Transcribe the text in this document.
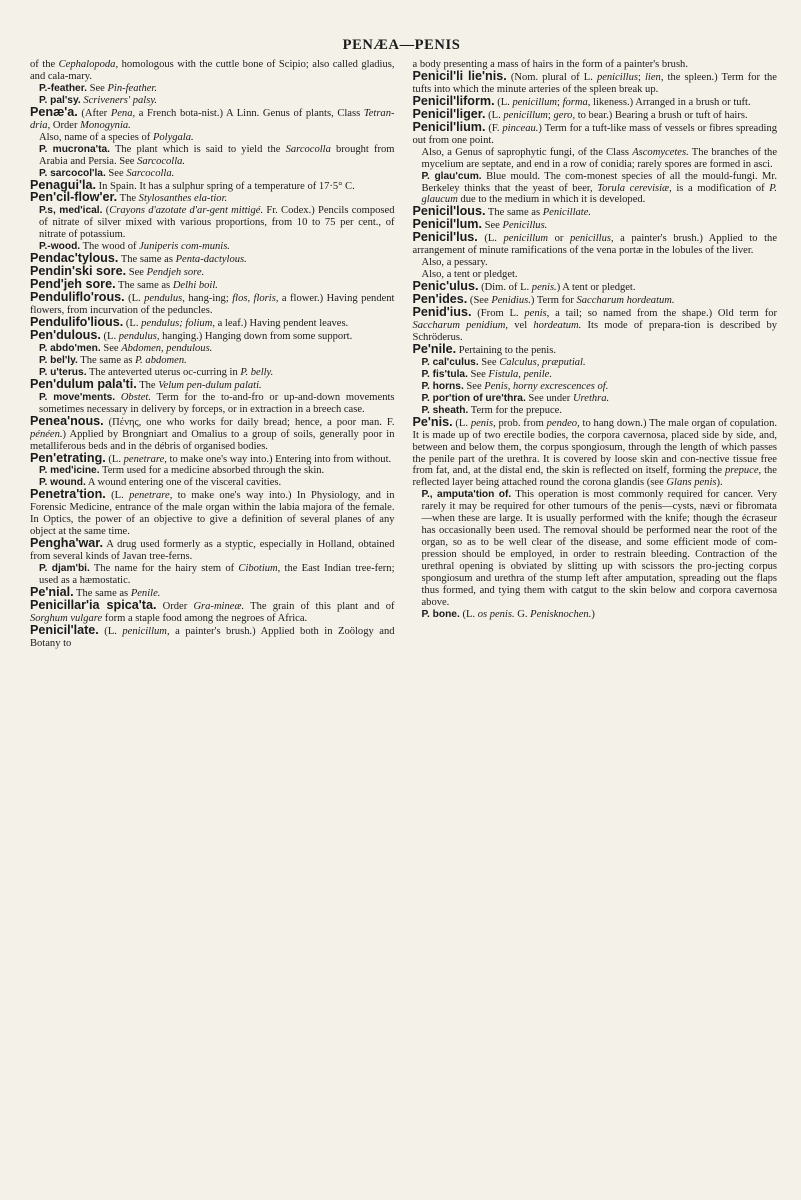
PENÆA—PENIS

of the Cephalopoda, homologous with the cuttle bone of Scipio; also called gladius, and cala-mary.

P.-feather. See Pin-feather.

P. pal'sy. Scriveners' palsy.

Penæ'a. (After Pena, a French bota-nist.) A Linn. Genus of plants, Class Tetran-dria, Order Monogynia.

Also, name of a species of Polygala.

P. mucrona'ta. The plant which is said to yield the Sarcocolla brought from Arabia and Persia. See Sarcocolla.

P. sarcocol'la. See Sarcocolla.

Penagui'la. In Spain. It has a sulphur spring of a temperature of 17·5° C.

Pen'cil-flow'er. The Stylosanthes ela-tior.

P.s, med'ical. (Crayons d'azotate d'ar-gent mittigé. Fr. Codex.) Pencils composed of nitrate of silver mixed with various proportions, from 10 to 75 per cent., of nitrate of potassium.

P.-wood. The wood of Juniperis com-munis.

Pendac'tylous. The same as Penta-dactylous.

Pendin'ski sore. See Pendjeh sore.

Pend'jeh sore. The same as Delhi boil.

Penduliflo'rous. (L. pendulus, hang-ing; flos, floris, a flower.) Having pendent flowers, from incurvation of the peduncles.

Pendulifo'lious. (L. pendulus; folium, a leaf.) Having pendent leaves.

Pen'dulous. (L. pendulus, hanging.) Hanging down from some support.

P. abdo'men. See Abdomen, pendulous.

P. bel'ly. The same as P. abdomen.

P. u'terus. The anteverted uterus oc-curring in P. belly.

Pen'dulum pala'ti. The Velum pen-dulum palati.

P. move'ments. Obstet. Term for the to-and-fro or up-and-down movements sometimes necessary in delivery by forceps, or in extraction in a breech case.

Penea'nous. (Πένης, one who works for daily bread; hence, a poor man. F. pénéen.) Applied by Brongniart and Omalius to a group of soils, generally poor in metalliferous beds and in the débris of organised bodies.

Pen'etrating. (L. penetrare, to make one's way into.) Entering into from without.

P. med'icine. Term used for a medicine absorbed through the skin.

P. wound. A wound entering one of the visceral cavities.

Penetra'tion. (L. penetrare, to make one's way into.) In Physiology, and in Forensic Medicine, entrance of the male organ within the labia majora of the female. In Optics, the power of an objective to give a definition of several planes of any object at the same time.

Pengha'war. A drug used formerly as a styptic, especially in Holland, obtained from several kinds of Javan tree-ferns.

P. djam'bi. The name for the hairy stem of Cibotium, the East Indian tree-fern; used as a hæmostatic.

Pe'nial. The same as Penile.

Penicillar'ia spica'ta. Order Gra-mineæ. The grain of this plant and of Sorghum vulgare form a staple food among the negroes of Africa.

Penicil'late. (L. penicillum, a painter's brush.) Applied both in Zoölogy and Botany to

a body presenting a mass of hairs in the form of a painter's brush.

Penicil'li lie'nis. (Nom. plural of L. penicillus; lien, the spleen.) Term for the tufts into which the minute arteries of the spleen break up.

Penicil'liform. (L. penicillum; forma, likeness.) Arranged in a brush or tuft.

Penicil'liger. (L. penicillum; gero, to bear.) Bearing a brush or tuft of hairs.

Penicil'lium. (F. pinceau.) Term for a tuft-like mass of vessels or fibres spreading out from one point.

Also, a Genus of saprophytic fungi, of the Class Ascomycetes. The branches of the mycelium are septate, and end in a row of conidia; rarely spores are formed in asci.

P. glau'cum. Blue mould. The com-monest species of all the mould-fungi. Mr. Berkeley thinks that the yeast of beer, Torula cerevisiæ, is a modification of P. glaucum due to the medium in which it is developed.

Penicil'lous. The same as Penicillate.

Penicil'lum. See Penicillus.

Penicil'lus. (L. penicillum or penicillus, a painter's brush.) Applied to the arrangement of minute ramifications of the vena portæ in the lobules of the liver.

Also, a pessary.

Also, a tent or pledget.

Penic'ulus. (Dim. of L. penis.) A tent or pledget.

Pen'ides. (See Penidius.) Term for Saccharum hordeatum.

Penid'ius. (From L. penis, a tail; so named from the shape.) Old term for Saccharum penidium, vel hordeatum. Its mode of prepara-tion is described by Schröderus.

Pe'nile. Pertaining to the penis.

P. cal'culus. See Calculus, præputial.

P. fis'tula. See Fistula, penile.

P. horns. See Penis, horny excrescences of.

P. por'tion of ure'thra. See under Urethra.

P. sheath. Term for the prepuce.

Pe'nis. (L. penis, prob. from pendeo, to hang down.) The male organ of copulation. It is made up of two erectile bodies, the corpora cavernosa, placed side by side, and, between and below them, the corpus spongiosum, through the length of which passes the penile part of the urethra. It is covered by loose skin and con-nective tissue free from fat, and, at the distal end, the skin is reflected on itself, forming the prepuce, the reflected layer being attached round the corona glandis (see Glans penis).

P., amputa'tion of. This operation is most commonly required for cancer. Very rarely it may be required for other tumours of the penis—cysts, nævi or fibromata—when these are large. It is usually performed with the knife; though the écraseur has occasionally been used. The removal should be performed near the root of the organ, so as to be well clear of the disease, and some efficient mode of com-pression should be employed, in order to restrain bleeding. Contraction of the urethral opening is obviated by slitting up with scissors the pro-jecting corpus spongiosum and urethra of the stump left after amputation, spreading out the flaps thus formed, and tying them with catgut to the skin below and corpora cavernosa above.

P. bone. (L. os penis. G. Penisknochen.)
